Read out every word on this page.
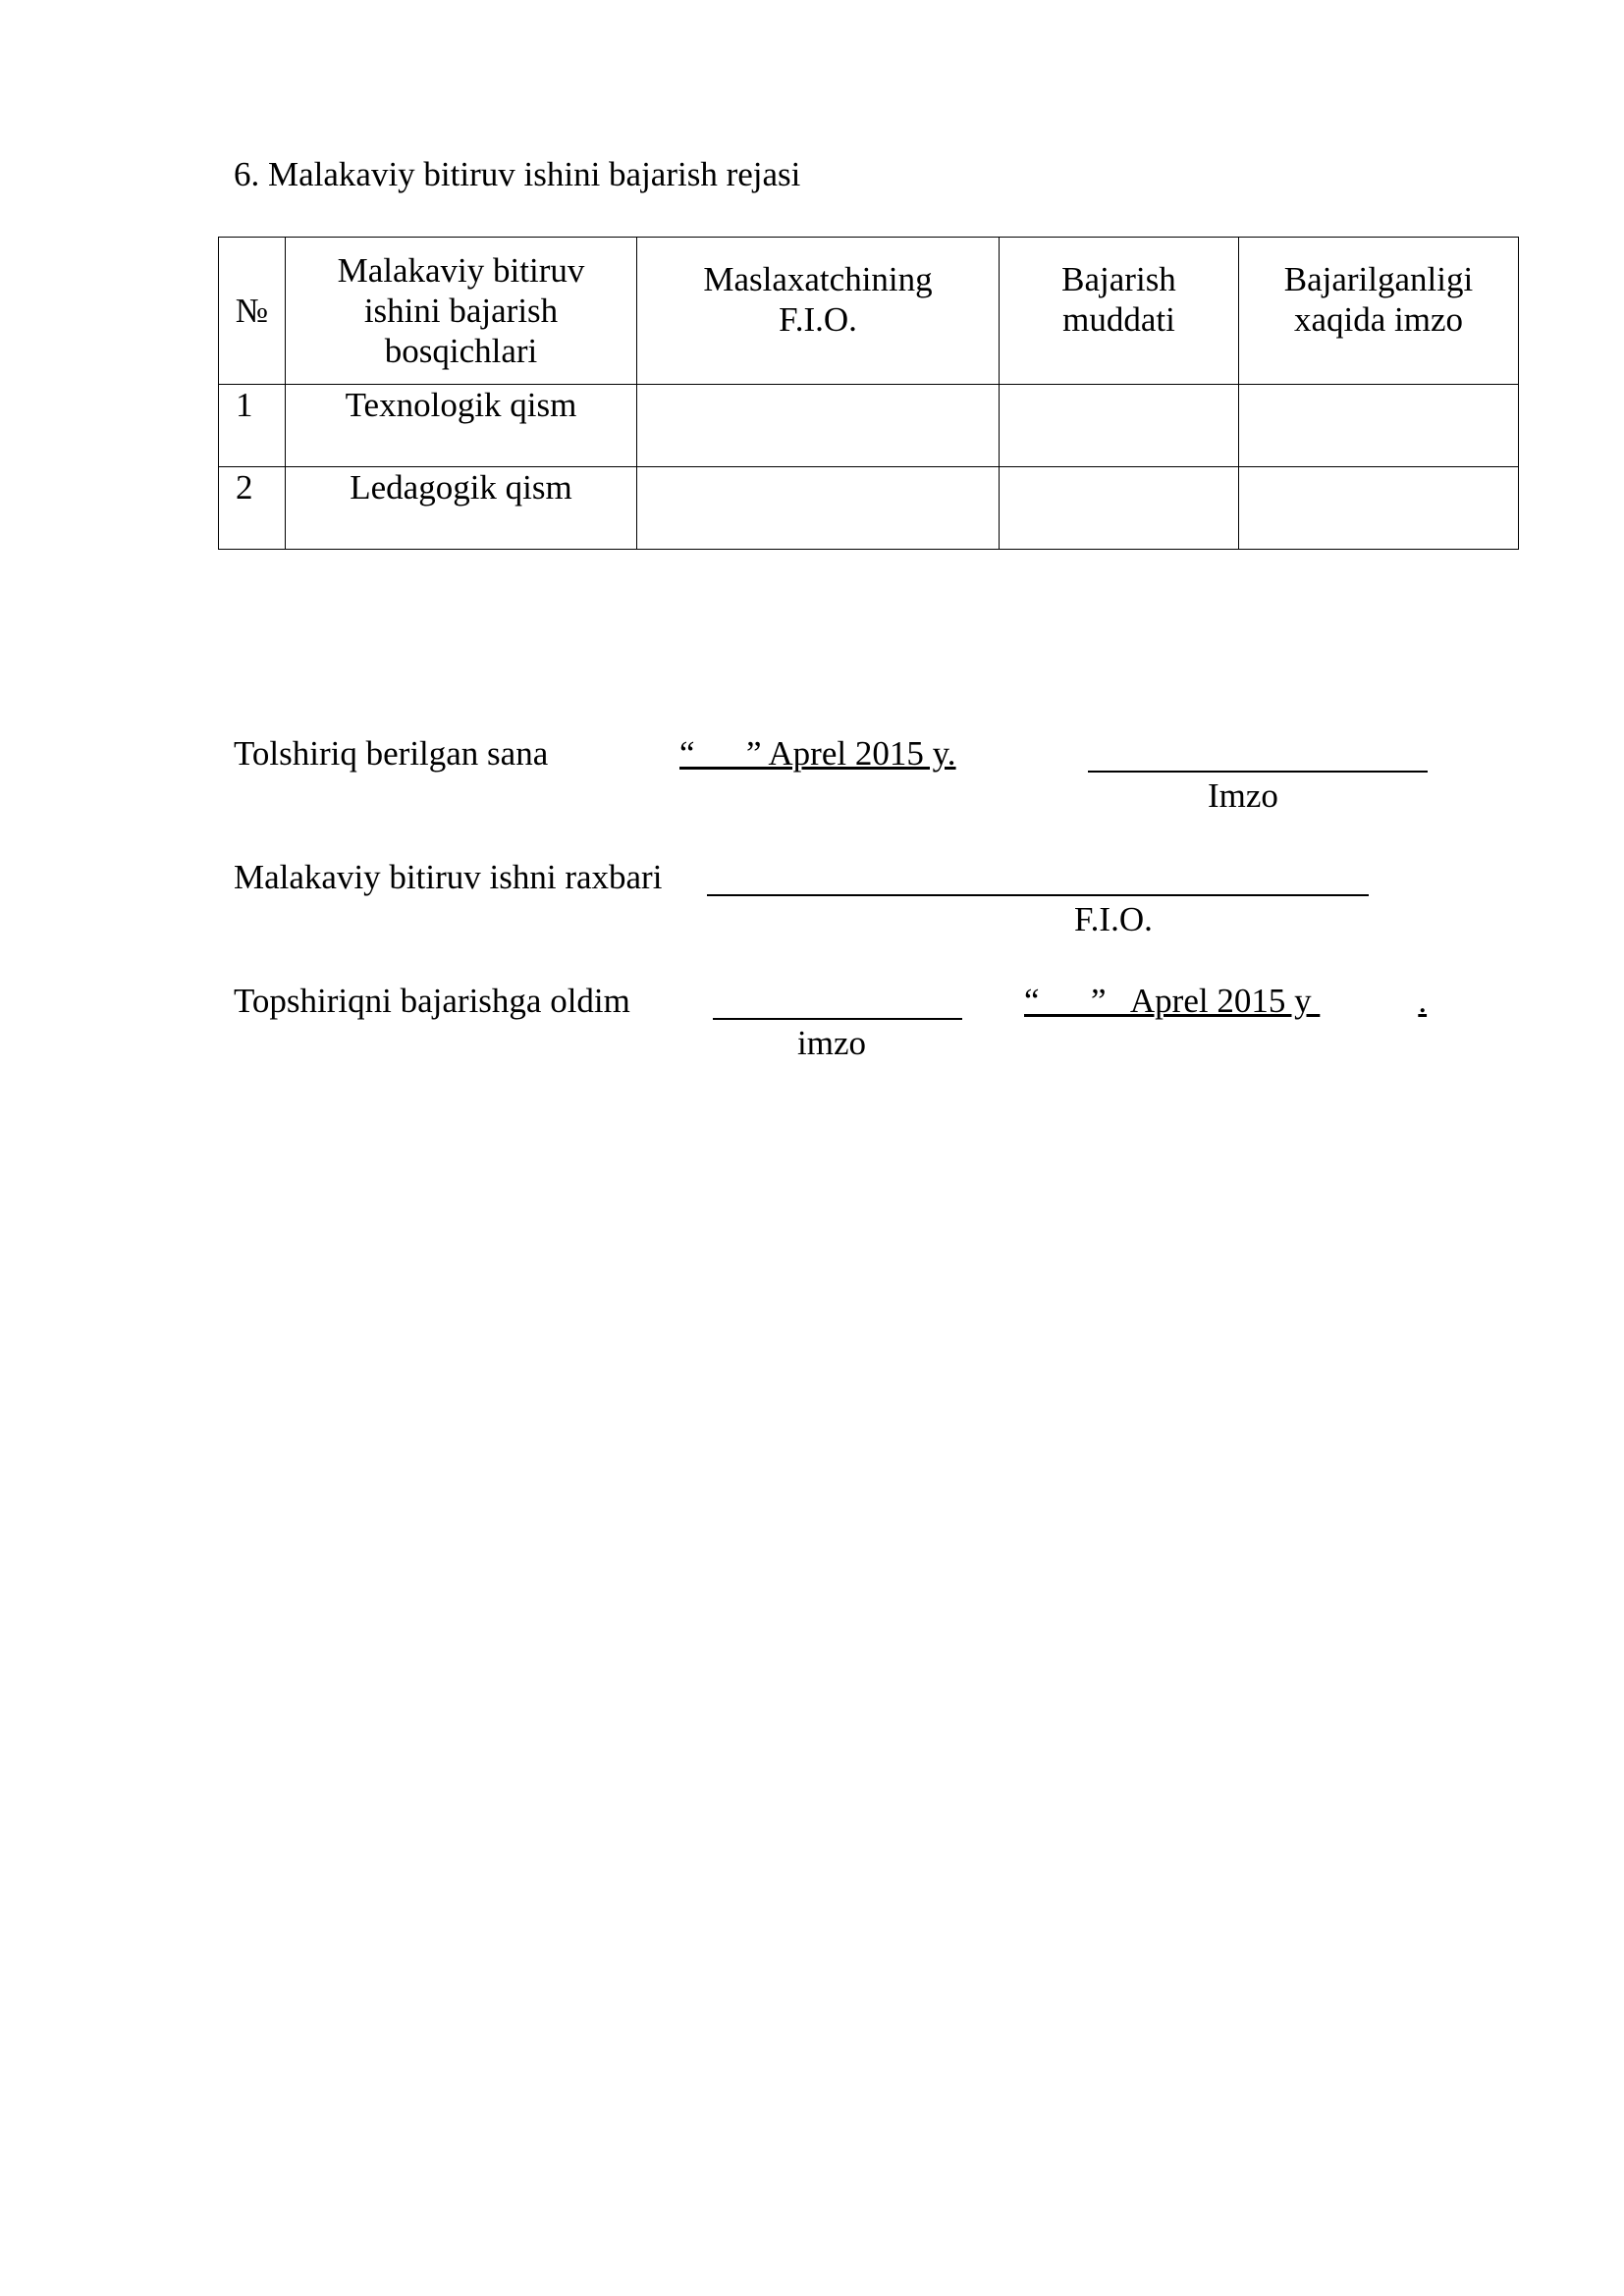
6. Malakaviy bitiruv ishini bajarish rejasi
№	Malakaviy bitiruv ishini bajarish bosqichlari	Maslaxatchining F.I.O.	Bajarish muddati	Bajarilganligi xaqida imzo

1	Texnologik qism			
2	Ledagogik qism			
Tolshiriq berilgan sana	“      ” Aprel 2015 y.
Imzo
Malakaviy bitiruv ishni raxbari
F.I.O.
Topshiriqni bajarishga oldim
imzo
“      ”   Aprel 2015 y	.
